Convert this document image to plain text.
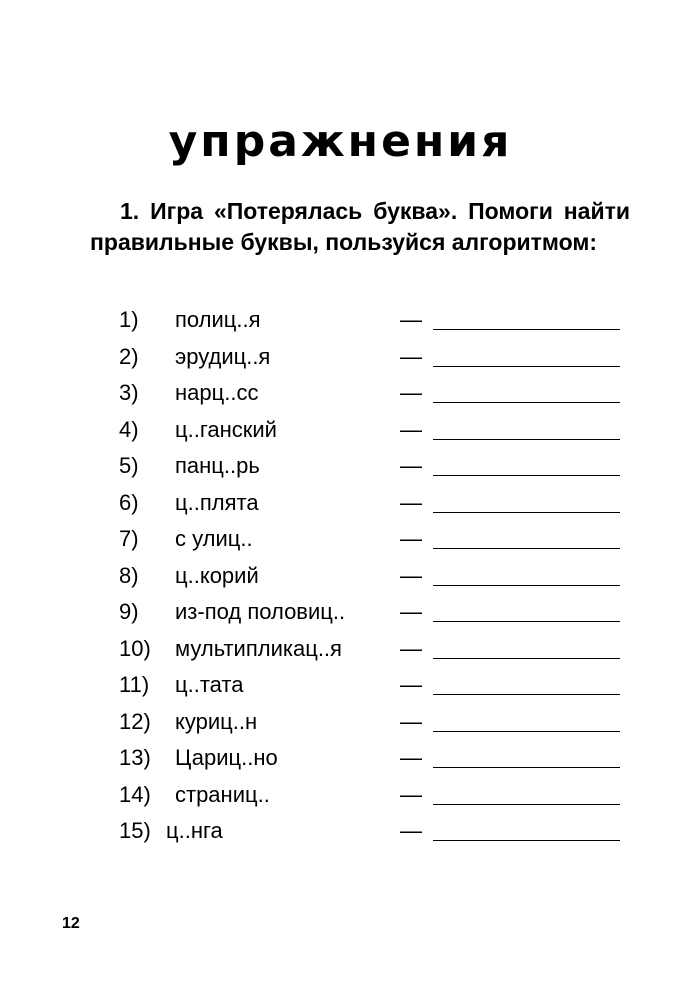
упражнения
1. Игра «Потерялась буква». Помоги найти правильные буквы, пользуйся алгоритмом:
1) полиц..я	—
2) эрудиц..я	—
3) нарц..сс	—
4) ц..ганский	—
5) панц..рь	—
6) ц..плята	—
7) с улиц..	—
8) ц..корий	—
9) из-под половиц.. —
10) мультипликац..я	—
11) ц..тата	—
12) куриц..н	—
13) Цариц..но	—
14) страниц..	—
15) ц..нга	—
12
